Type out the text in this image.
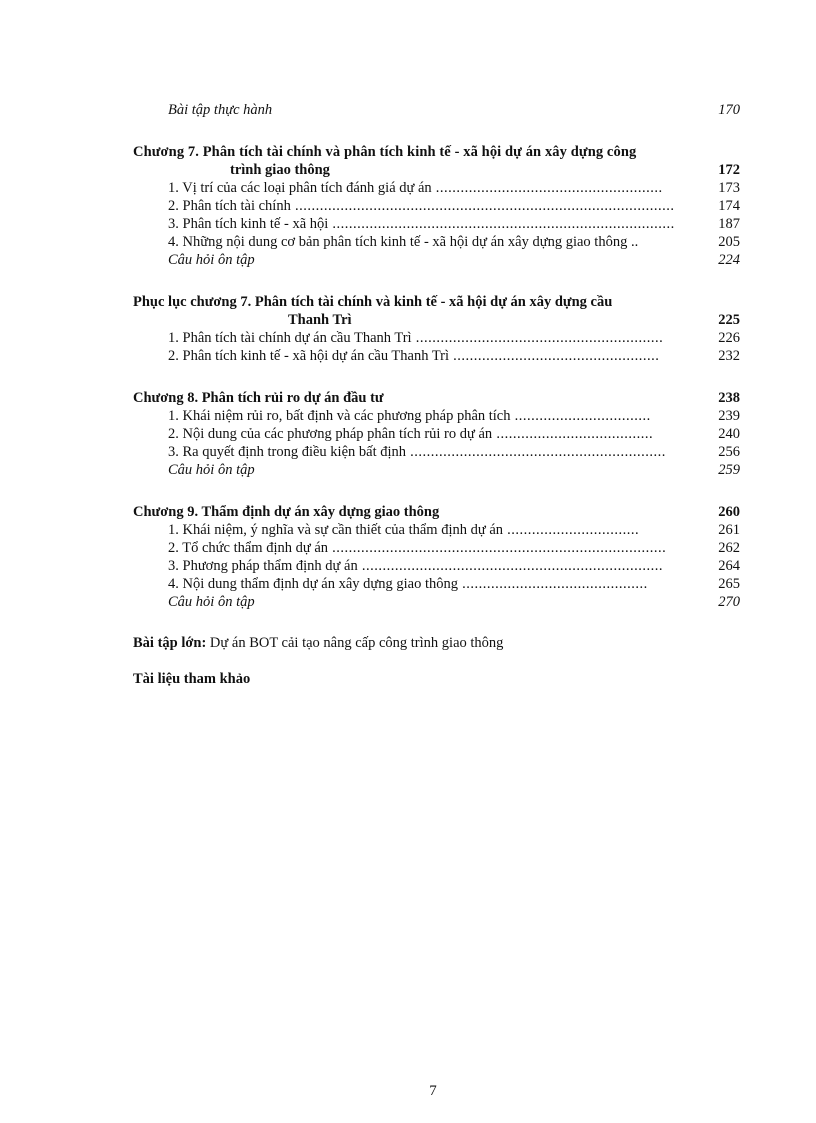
Bài tập thực hành	170
Chương 7. Phân tích tài chính và phân tích kinh tế - xã hội dự án xây dựng công
trình giao thông	172
1. Vị trí của các loại phân tích đánh giá dự án .......................................................	173
2. Phân tích tài chính ............................................................................................	174
3. Phân tích kinh tế - xã hội ...................................................................................	187
4. Những nội dung cơ bản phân tích kinh tế - xã hội dự án xây dựng giao thông ..	205
Câu hỏi ôn tập	224
Phục lục chương 7. Phân tích tài chính và kinh tế - xã hội dự án xây dựng cầu
Thanh Trì	225
1. Phân tích tài chính dự án cầu Thanh Trì ............................................................	226
2. Phân tích kinh tế - xã hội dự án cầu Thanh Trì ..................................................	232
Chương 8. Phân tích rủi ro dự án đầu tư	238
1. Khái niệm rủi ro, bất định và các phương pháp phân tích .................................	239
2. Nội dung của các phương pháp phân tích rủi ro dự án ......................................	240
3. Ra quyết định trong điều kiện bất định ..............................................................	256
Câu hỏi ôn tập	259
Chương 9. Thẩm định dự án xây dựng giao thông	260
1. Khái niệm, ý nghĩa và sự cần thiết của thẩm định dự án ................................	261
2. Tổ chức thẩm định dự án .................................................................................	262
3. Phương pháp thẩm định dự án .........................................................................	264
4. Nội dung thẩm định dự án xây dựng giao thông .............................................	265
Câu hỏi ôn tập	270
Bài tập lớn: Dự án BOT cải tạo nâng cấp công trình giao thông
Tài liệu tham khảo
7
